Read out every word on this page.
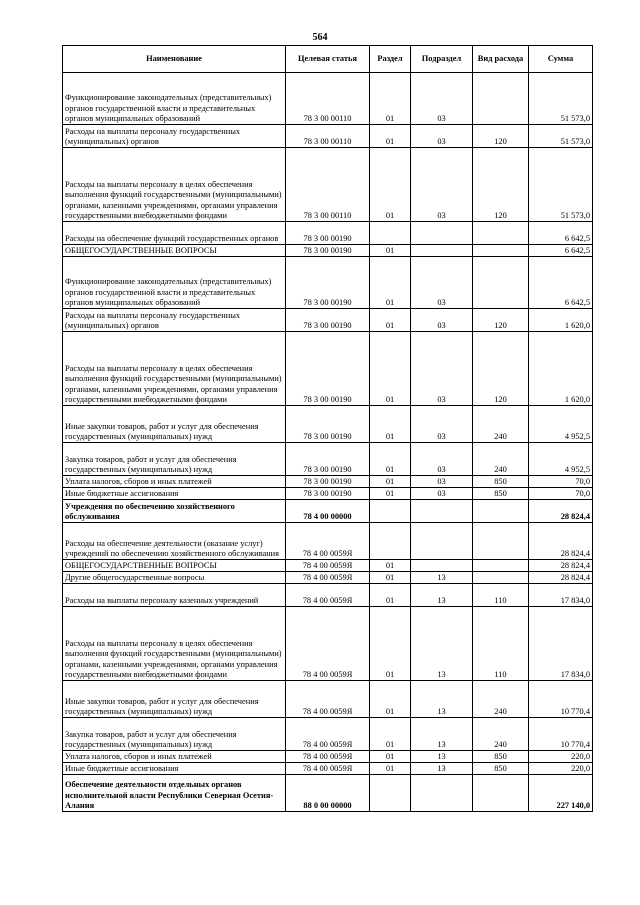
564
Наименование	Целевая статья	Раздел	Подраздел	Вид расхода	Сумма
Функционирование законодательных (представительных) органов государственной власти и представительных органов муниципальных образований	78 3 00 00110	01	03		51 573,0
Расходы на выплаты персоналу государственных (муниципальных) органов	78 3 00 00110	01	03	120	51 573,0
Расходы на выплаты персоналу в целях обеспечения выполнения функций государственными (муниципальными) органами, казенными учреждениями, органами управления государственными внебюджетными фондами	78 3 00 00110	01	03	120	51 573,0
Расходы на обеспечение функций государственных органов	78 3 00 00190				6 642,5
ОБЩЕГОСУДАРСТВЕННЫЕ ВОПРОСЫ	78 3 00 00190	01			6 642,5
Функционирование законодательных (представительных) органов государственной власти и представительных органов муниципальных образований	78 3 00 00190	01	03		6 642,5
Расходы на выплаты персоналу государственных (муниципальных) органов	78 3 00 00190	01	03	120	1 620,0
Расходы на выплаты персоналу в целях обеспечения выполнения функций государственными (муниципальными) органами, казенными учреждениями, органами управления государственными внебюджетными фондами	78 3 00 00190	01	03	120	1 620,0
Иные закупки товаров, работ и услуг для обеспечения государственных (муниципальных) нужд	78 3 00 00190	01	03	240	4 952,5
Закупка товаров, работ и услуг для обеспечения государственных (муниципальных) нужд	78 3 00 00190	01	03	240	4 952,5
Уплата налогов, сборов и иных платежей	78 3 00 00190	01	03	850	70,0
Иные бюджетные ассигнования	78 3 00 00190	01	03	850	70,0
Учреждения по обеспечению хозяйственного обслуживания	78 4 00 00000				28 824,4
Расходы на обеспечение деятельности (оказание услуг) учреждений по обеспечению хозяйственного обслуживания	78 4 00 0059Я				28 824,4
ОБЩЕГОСУДАРСТВЕННЫЕ ВОПРОСЫ	78 4 00 0059Я	01			28 824,4
Другие общегосударственные вопросы	78 4 00 0059Я	01	13		28 824,4
Расходы на выплаты персоналу казенных учреждений	78 4 00 0059Я	01	13	110	17 834,0
Расходы на выплаты персоналу в целях обеспечения выполнения функций государственными (муниципальными) органами, казенными учреждениями, органами управления государственными внебюджетными фондами	78 4 00 0059Я	01	13	110	17 834,0
Иные закупки товаров, работ и услуг для обеспечения государственных (муниципальных) нужд	78 4 00 0059Я	01	13	240	10 770,4
Закупка товаров, работ и услуг для обеспечения государственных (муниципальных) нужд	78 4 00 0059Я	01	13	240	10 770,4
Уплата налогов, сборов и иных платежей	78 4 00 0059Я	01	13	850	220,0
Иные бюджетные ассигнования	78 4 00 0059Я	01	13	850	220,0
Обеспечение деятельности отдельных органов исполнительной власти Республики Северная Осетия-Алания	88 0 00 00000				227 140,0
